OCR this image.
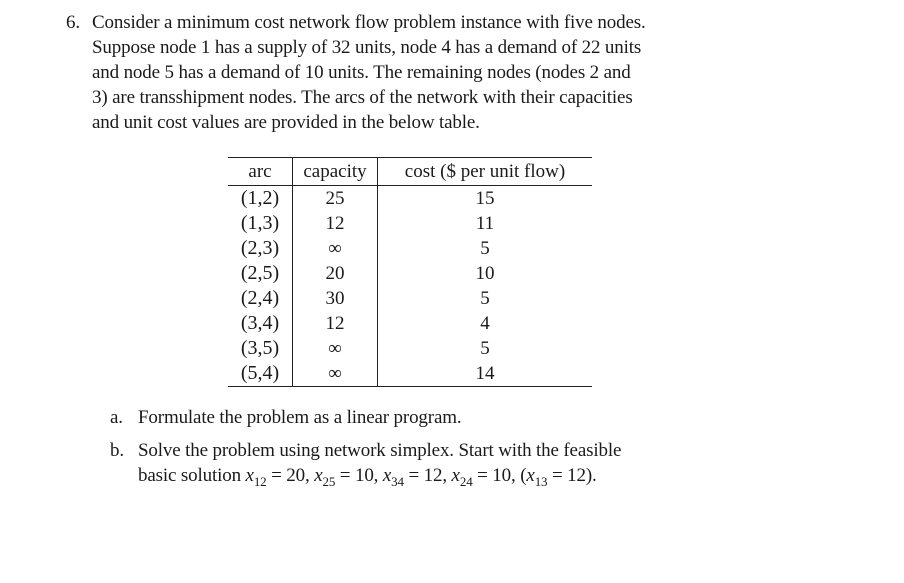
6. Consider a minimum cost network flow problem instance with five nodes.
Suppose node 1 has a supply of 32 units, node 4 has a demand of 22 units
and node 5 has a demand of 10 units. The remaining nodes (nodes 2 and
3) are transshipment nodes. The arcs of the network with their capacities
and unit cost values are provided in the below table.
arc	capacity	cost ($ per unit flow)
(1,2)	25	15
(1,3)	12	11
(2,3)	∞	5
(2,5)	20	10
(2,4)	30	5
(3,4)	12	4
(3,5)	∞	5
(5,4)	∞	14
a. Formulate the problem as a linear program.
b. Solve the problem using network simplex. Start with the feasible
basic solution $x_{12} = 20$, $x_{25} = 10$, $x_{34} = 12$, $x_{24} = 10$, $(x_{13} = 12)$.
